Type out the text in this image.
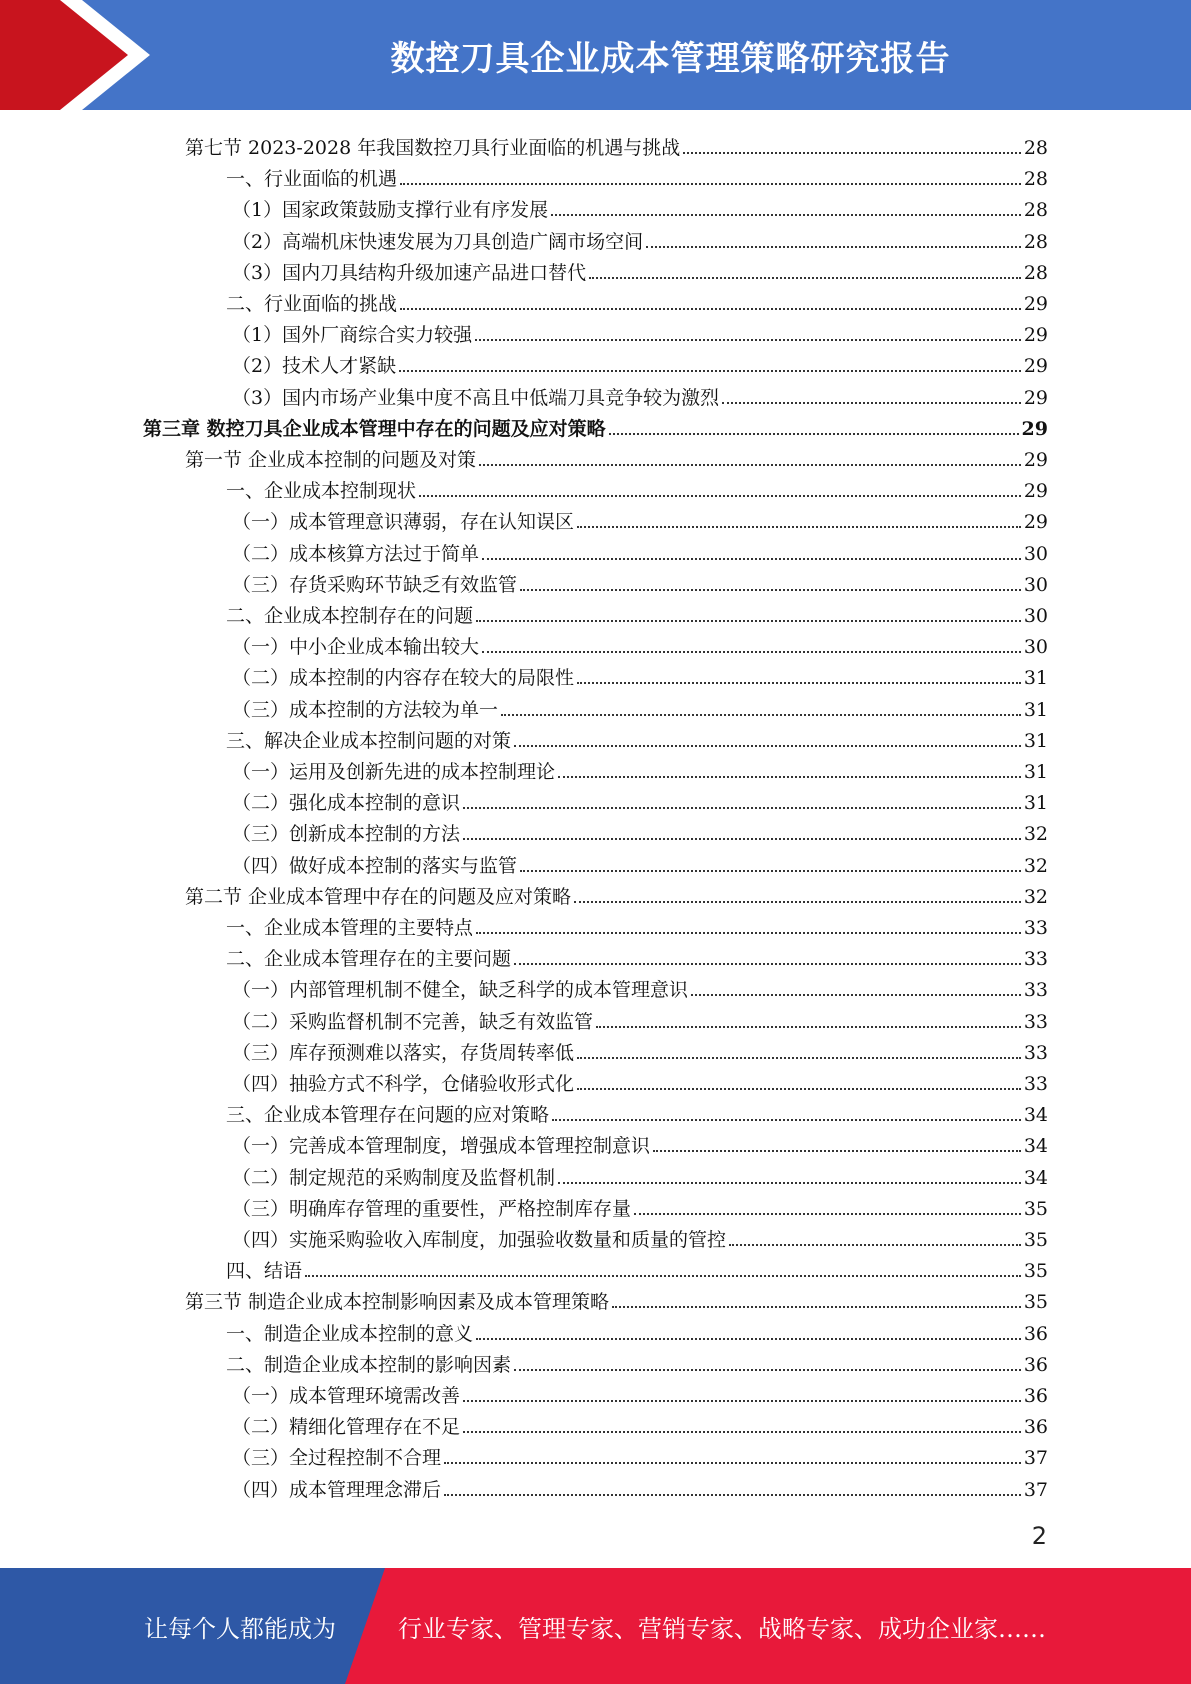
数控刀具企业成本管理策略研究报告
第七节 2023-2028 年我国数控刀具行业面临的机遇与挑战	28
一、行业面临的机遇	28
（1）国家政策鼓励支撑行业有序发展	28
（2）高端机床快速发展为刀具创造广阔市场空间	28
（3）国内刀具结构升级加速产品进口替代	28
二、行业面临的挑战	29
（1）国外厂商综合实力较强	29
（2）技术人才紧缺	29
（3）国内市场产业集中度不高且中低端刀具竞争较为激烈	29
第三章 数控刀具企业成本管理中存在的问题及应对策略	29
第一节 企业成本控制的问题及对策	29
一、企业成本控制现状	29
（一）成本管理意识薄弱，存在认知误区	29
（二）成本核算方法过于简单	30
（三）存货采购环节缺乏有效监管	30
二、企业成本控制存在的问题	30
（一）中小企业成本输出较大	30
（二）成本控制的内容存在较大的局限性	31
（三）成本控制的方法较为单一	31
三、解决企业成本控制问题的对策	31
（一）运用及创新先进的成本控制理论	31
（二）强化成本控制的意识	31
（三）创新成本控制的方法	32
（四）做好成本控制的落实与监管	32
第二节 企业成本管理中存在的问题及应对策略	32
一、企业成本管理的主要特点	33
二、企业成本管理存在的主要问题	33
（一）内部管理机制不健全，缺乏科学的成本管理意识	33
（二）采购监督机制不完善，缺乏有效监管	33
（三）库存预测难以落实，存货周转率低	33
（四）抽验方式不科学，仓储验收形式化	33
三、企业成本管理存在问题的应对策略	34
（一）完善成本管理制度，增强成本管理控制意识	34
（二）制定规范的采购制度及监督机制	34
（三）明确库存管理的重要性，严格控制库存量	35
（四）实施采购验收入库制度，加强验收数量和质量的管控	35
四、结语	35
第三节 制造企业成本控制影响因素及成本管理策略	35
一、制造企业成本控制的意义	36
二、制造企业成本控制的影响因素	36
（一）成本管理环境需改善	36
（二）精细化管理存在不足	36
（三）全过程控制不合理	37
（四）成本管理理念滞后	37
2
让每个人都能成为	行业专家、管理专家、营销专家、战略专家、成功企业家……
